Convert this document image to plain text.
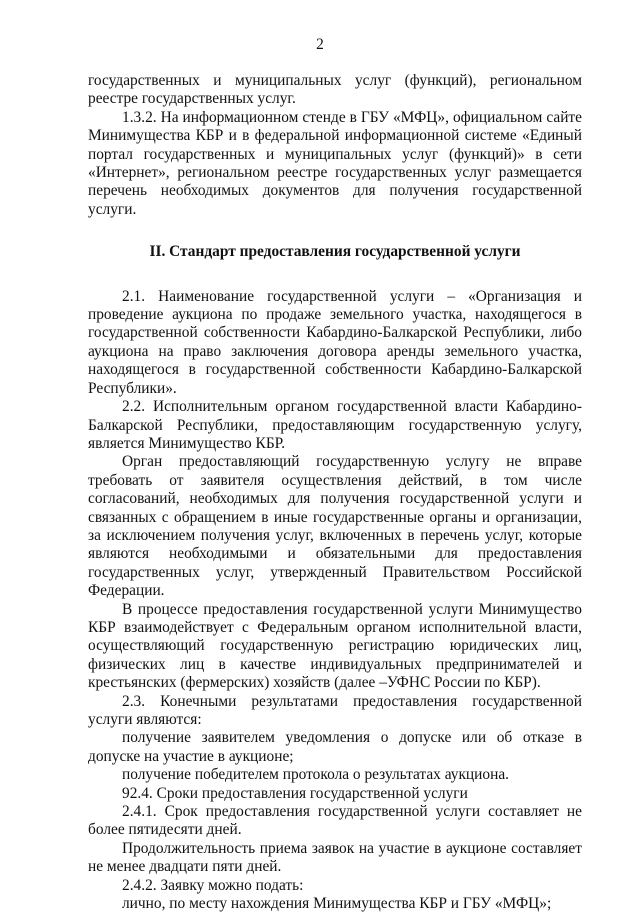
2

государственных и муниципальных услуг (функций), региональном реестре государственных услуг.

1.3.2. На информационном стенде в ГБУ «МФЦ», официальном сайте Минимущества КБР и в федеральной информационной системе «Единый портал государственных и муниципальных услуг (функций)» в сети «Интернет», региональном реестре государственных услуг размещается перечень необходимых документов для получения государственной услуги.

II. Стандарт предоставления государственной услуги

2.1. Наименование государственной услуги – «Организация и проведение аукциона по продаже земельного участка, находящегося в государственной собственности Кабардино-Балкарской Республики, либо аукциона на право заключения договора аренды земельного участка, находящегося в государственной собственности Кабардино-Балкарской Республики».

2.2. Исполнительным органом государственной власти Кабардино-Балкарской Республики, предоставляющим государственную услугу, является Минимущество КБР.

Орган предоставляющий государственную услугу не вправе требовать от заявителя осуществления действий, в том числе согласований, необходимых для получения государственной услуги и связанных с обращением в иные государственные органы и организации, за исключением получения услуг, включенных в перечень услуг, которые являются необходимыми и обязательными для предоставления государственных услуг, утвержденный Правительством Российской Федерации.

В процессе предоставления государственной услуги Минимущество КБР взаимодействует с Федеральным органом исполнительной власти, осуществляющий государственную регистрацию юридических лиц, физических лиц в качестве индивидуальных предпринимателей и крестьянских (фермерских) хозяйств (далее –УФНС России по КБР).

2.3. Конечными результатами предоставления государственной услуги являются:

получение заявителем уведомления о допуске или об отказе в допуске на участие в аукционе;

получение победителем протокола о результатах аукциона.

92.4. Сроки предоставления государственной услуги

2.4.1. Срок предоставления государственной услуги составляет не более пятидесяти дней.

Продолжительность приема заявок на участие в аукционе составляет не менее двадцати пяти дней.

2.4.2. Заявку можно подать:

лично, по месту нахождения Минимущества КБР и ГБУ «МФЦ»;
